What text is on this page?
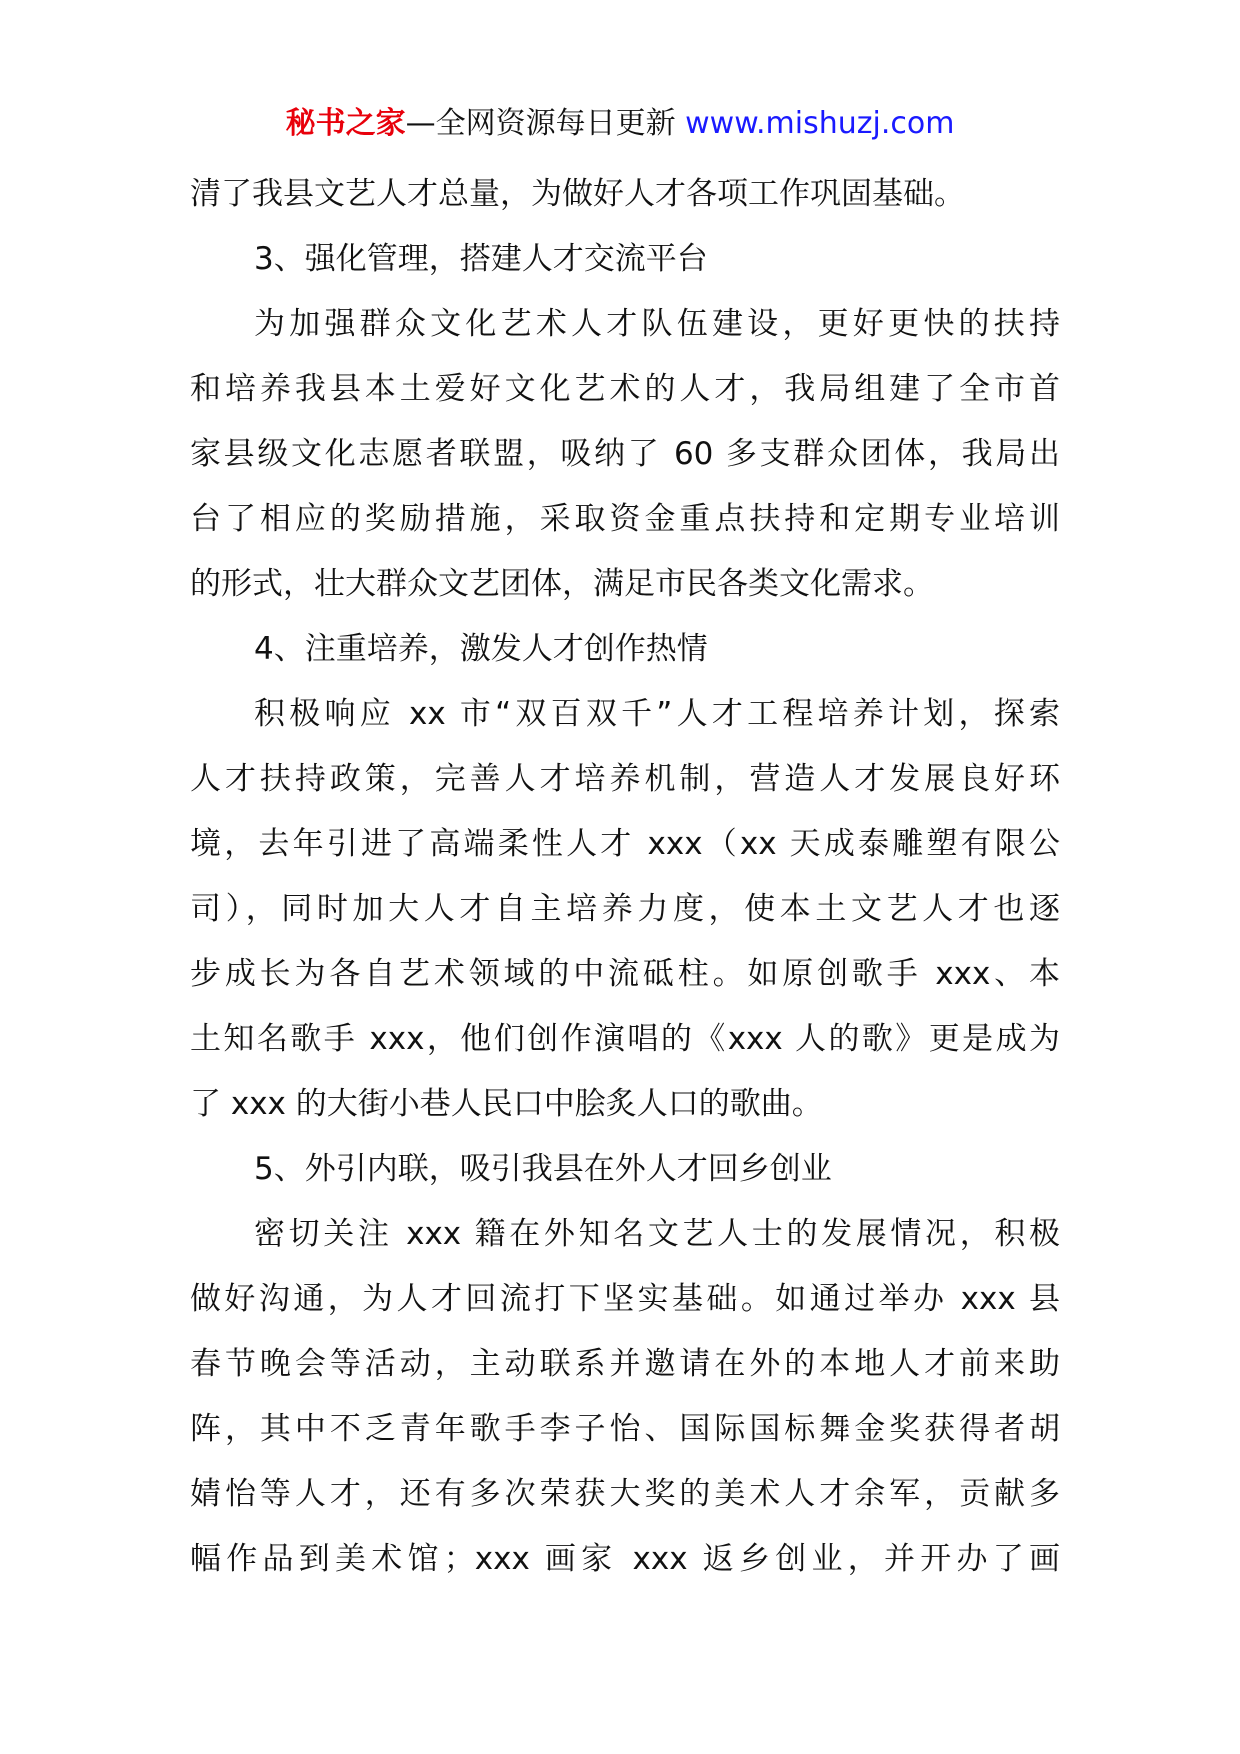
秘书之家—全网资源每日更新 www.mishuzj.com
清了我县文艺人才总量，为做好人才各项工作巩固基础。
3、强化管理，搭建人才交流平台
为加强群众文化艺术人才队伍建设，更好更快的扶持
和培养我县本土爱好文化艺术的人才，我局组建了全市首
家县级文化志愿者联盟，吸纳了 60 多支群众团体，我局出
台了相应的奖励措施，采取资金重点扶持和定期专业培训
的形式，壮大群众文艺团体，满足市民各类文化需求。
4、注重培养，激发人才创作热情
积极响应 xx 市“双百双千”人才工程培养计划，探索
人才扶持政策，完善人才培养机制，营造人才发展良好环
境，去年引进了高端柔性人才 xxx（xx 天成泰雕塑有限公
司），同时加大人才自主培养力度，使本土文艺人才也逐
步成长为各自艺术领域的中流砥柱。如原创歌手 xxx、本
土知名歌手 xxx，他们创作演唱的《xxx 人的歌》更是成为
了 xxx 的大街小巷人民口中脍炙人口的歌曲。
5、外引内联，吸引我县在外人才回乡创业
密切关注 xxx 籍在外知名文艺人士的发展情况，积极
做好沟通，为人才回流打下坚实基础。如通过举办 xxx 县
春节晚会等活动，主动联系并邀请在外的本地人才前来助
阵，其中不乏青年歌手李子怡、国际国标舞金奖获得者胡
婧怡等人才，还有多次荣获大奖的美术人才余军，贡献多
幅作品到美术馆；xxx 画家 xxx 返乡创业，并开办了画
